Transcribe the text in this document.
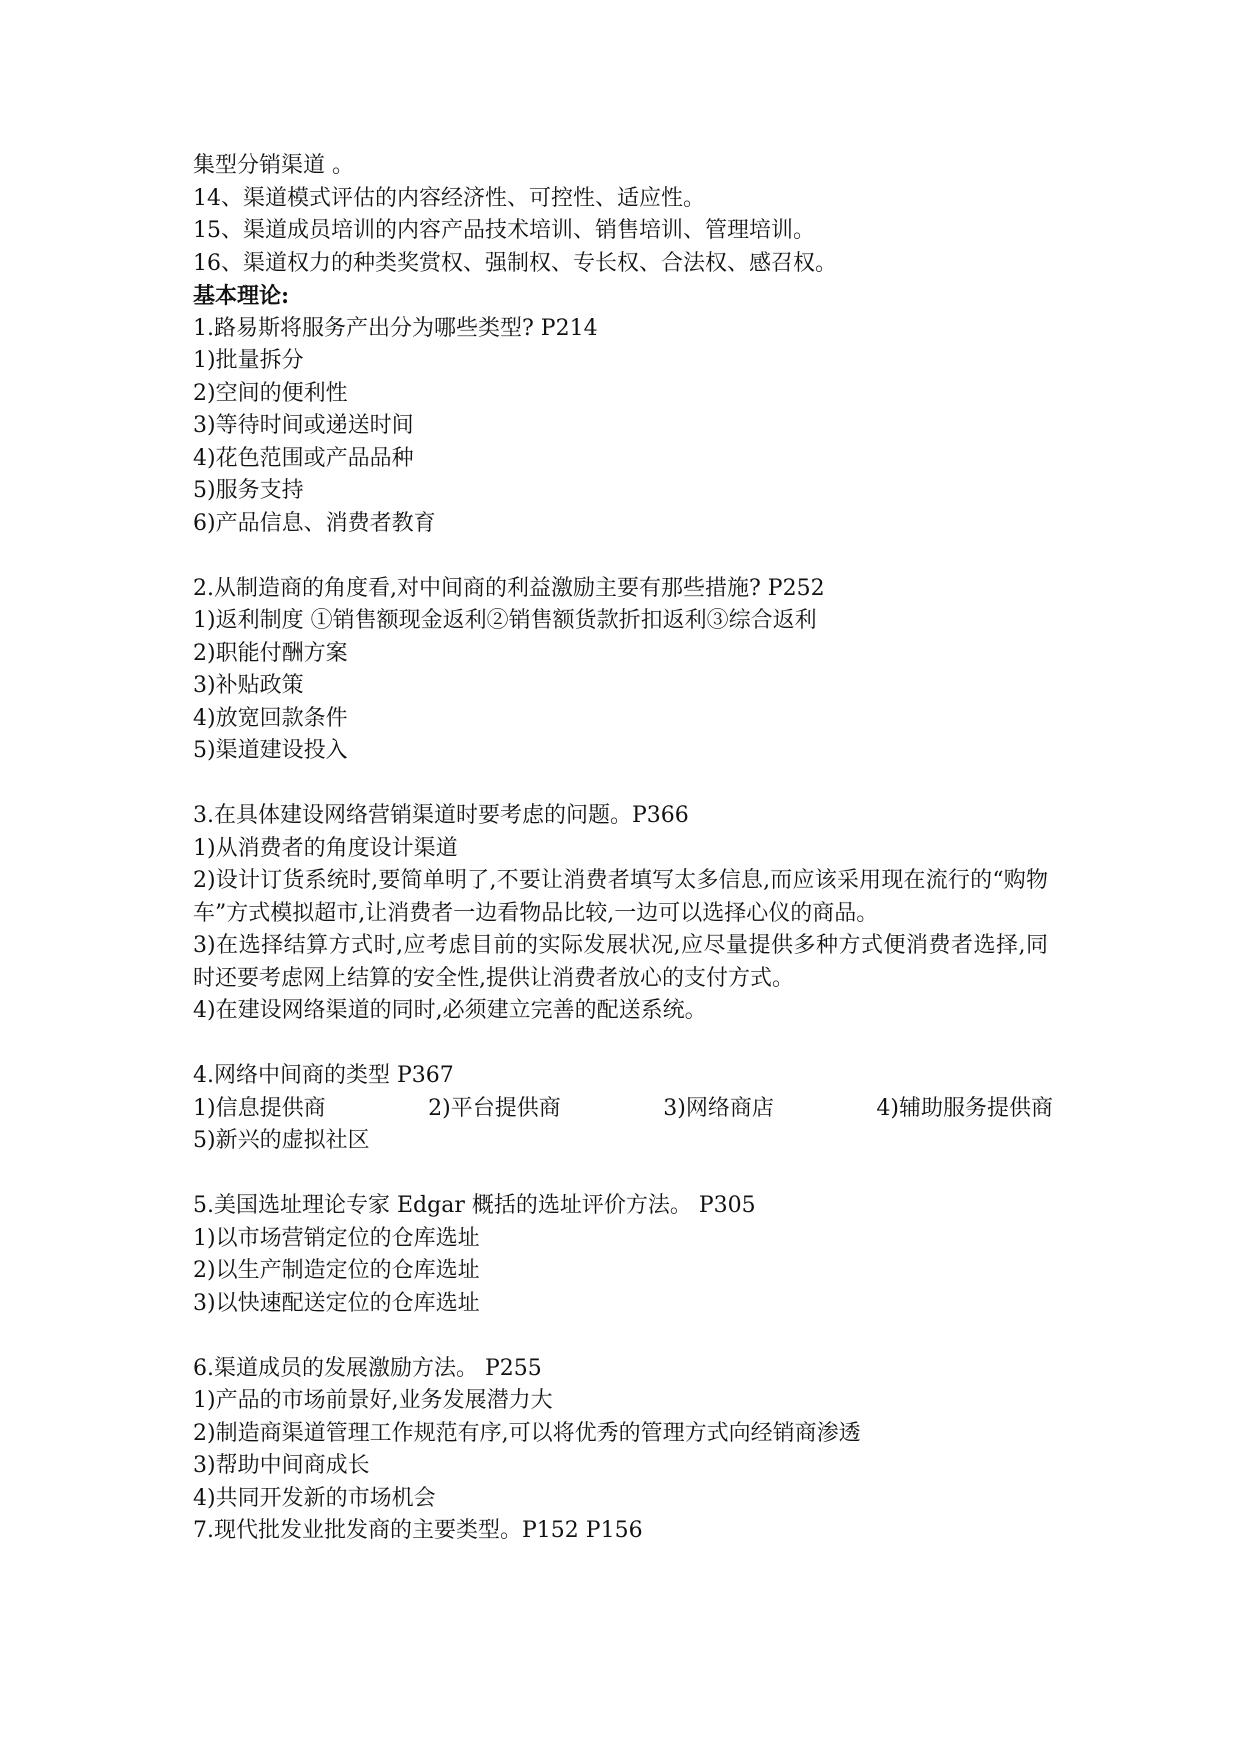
集型分销渠道 。

14、渠道模式评估的内容经济性、可控性、适应性。

15、渠道成员培训的内容产品技术培训、销售培训、管理培训。

16、渠道权力的种类奖赏权、强制权、专长权、合法权、感召权。

基本理论:

1.路易斯将服务产出分为哪些类型? P214

1)批量拆分

2)空间的便利性

3)等待时间或递送时间

4)花色范围或产品品种

5)服务支持

6)产品信息、消费者教育

2.从制造商的角度看,对中间商的利益激励主要有那些措施? P252

1)返利制度 ①销售额现金返利②销售额货款折扣返利③综合返利

2)职能付酬方案

3)补贴政策

4)放宽回款条件

5)渠道建设投入

3.在具体建设网络营销渠道时要考虑的问题。P366

1)从消费者的角度设计渠道

2)设计订货系统时,要简单明了,不要让消费者填写太多信息,而应该采用现在流行的“购物车”方式模拟超市,让消费者一边看物品比较,一边可以选择心仪的商品。

3)在选择结算方式时,应考虑目前的实际发展状况,应尽量提供多种方式便消费者选择,同时还要考虑网上结算的安全性,提供让消费者放心的支付方式。

4)在建设网络渠道的同时,必须建立完善的配送系统。

4.网络中间商的类型 P367

1)信息提供商	2)平台提供商	3)网络商店	4)辅助服务提供商

5)新兴的虚拟社区

5.美国选址理论专家 Edgar 概括的选址评价方法。 P305

1)以市场营销定位的仓库选址

2)以生产制造定位的仓库选址

3)以快速配送定位的仓库选址

6.渠道成员的发展激励方法。 P255

1)产品的市场前景好,业务发展潜力大

2)制造商渠道管理工作规范有序,可以将优秀的管理方式向经销商渗透

3)帮助中间商成长

4)共同开发新的市场机会

7.现代批发业批发商的主要类型。P152 P156
